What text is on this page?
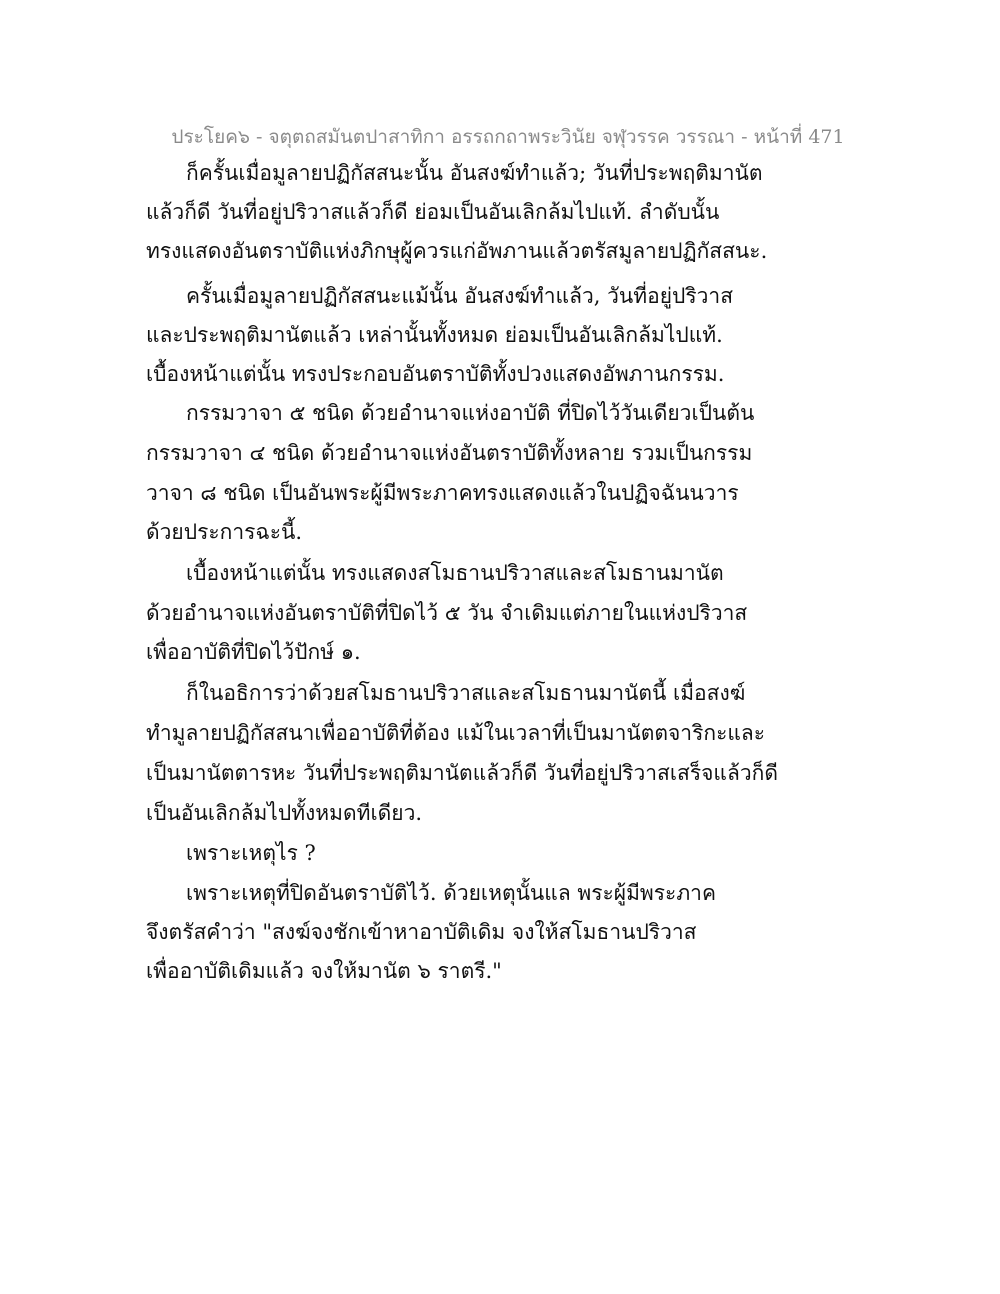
ประโยค๖ - จตุตถสมันตปาสาทิกา อรรถกถาพระวินัย จฬุวรรค วรรณา - หน้าที่ 471
ก็ครั้นเมื่อมูลายปฏิกัสสนะนั้น อันสงฆ์ทำแล้ว; วันที่ประพฤติมานัต
แล้วก็ดี วันที่อยู่ปริวาสแล้วก็ดี ย่อมเป็นอันเลิกล้มไปแท้. ลำดับนั้น
ทรงแสดงอันตราบัติแห่งภิกษุผู้ควรแก่อัพภานแล้วตรัสมูลายปฏิกัสสนะ.
ครั้นเมื่อมูลายปฏิกัสสนะแม้นั้น อันสงฆ์ทำแล้ว, วันที่อยู่ปริวาส
และประพฤติมานัตแล้ว เหล่านั้นทั้งหมด ย่อมเป็นอันเลิกล้มไปแท้.
เบื้องหน้าแต่นั้น ทรงประกอบอันตราบัติทั้งปวงแสดงอัพภานกรรม.
กรรมวาจา ๕ ชนิด ด้วยอำนาจแห่งอาบัติ ที่ปิดไว้วันเดียวเป็นต้น
กรรมวาจา ๔ ชนิด ด้วยอำนาจแห่งอันตราบัติทั้งหลาย รวมเป็นกรรม
วาจา ๘ ชนิด เป็นอันพระผู้มีพระภาคทรงแสดงแล้วในปฏิจฉันนวาร
ด้วยประการฉะนี้.
เบื้องหน้าแต่นั้น ทรงแสดงสโมธานปริวาสและสโมธานมานัต
ด้วยอำนาจแห่งอันตราบัติที่ปิดไว้ ๕ วัน จำเดิมแต่ภายในแห่งปริวาส
เพื่ออาบัติที่ปิดไว้ปักษ์ ๑.
ก็ในอธิการว่าด้วยสโมธานปริวาสและสโมธานมานัตนี้ เมื่อสงฆ์
ทำมูลายปฏิกัสสนาเพื่ออาบัติที่ต้อง แม้ในเวลาที่เป็นมานัตตจาริกะและ
เป็นมานัตตารหะ วันที่ประพฤติมานัตแล้วก็ดี วันที่อยู่ปริวาสเสร็จแล้วก็ดี
เป็นอันเลิกล้มไปทั้งหมดทีเดียว.
เพราะเหตุไร ?
เพราะเหตุที่ปิดอันตราบัติไว้. ด้วยเหตุนั้นแล พระผู้มีพระภาค
จึงตรัสคำว่า "สงฆ์จงชักเข้าหาอาบัติเดิม จงให้สโมธานปริวาส
เพื่ออาบัติเดิมแล้ว จงให้มานัต ๖ ราตรี."
